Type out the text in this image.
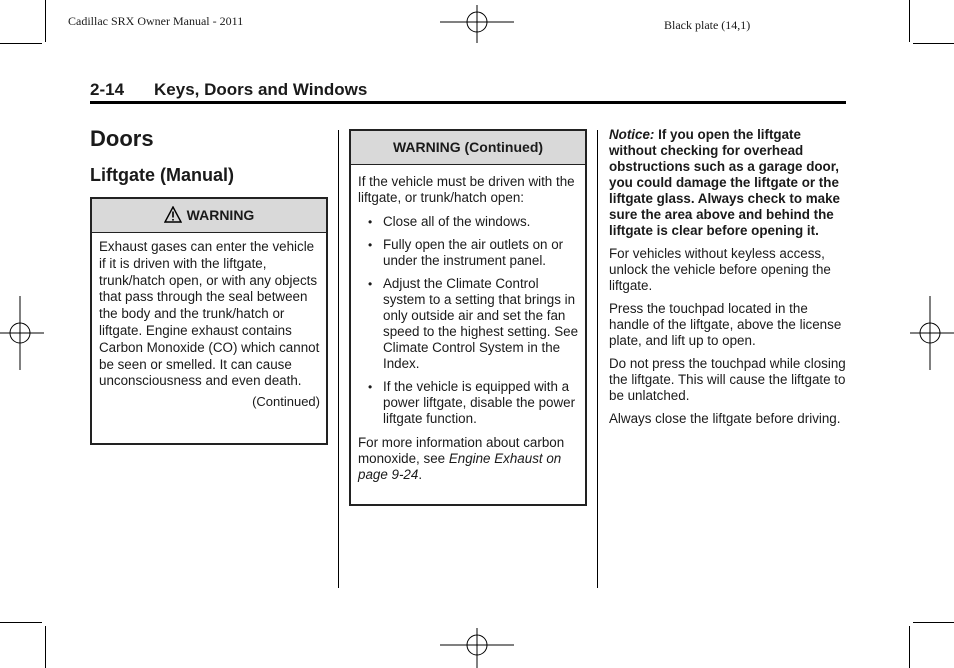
Cadillac SRX Owner Manual - 2011	Black plate (14,1)
2-14 Keys, Doors and Windows
Doors
Liftgate (Manual)
WARNING
Exhaust gases can enter the vehicle if it is driven with the liftgate, trunk/hatch open, or with any objects that pass through the seal between the body and the trunk/hatch or liftgate. Engine exhaust contains Carbon Monoxide (CO) which cannot be seen or smelled. It can cause unconsciousness and even death.
(Continued)
WARNING (Continued)
If the vehicle must be driven with the liftgate, or trunk/hatch open:
• Close all of the windows.
• Fully open the air outlets on or under the instrument panel.
• Adjust the Climate Control system to a setting that brings in only outside air and set the fan speed to the highest setting. See Climate Control System in the Index.
• If the vehicle is equipped with a power liftgate, disable the power liftgate function.
For more information about carbon monoxide, see Engine Exhaust on page 9-24.
Notice: If you open the liftgate without checking for overhead obstructions such as a garage door, you could damage the liftgate or the liftgate glass. Always check to make sure the area above and behind the liftgate is clear before opening it.

For vehicles without keyless access, unlock the vehicle before opening the liftgate.

Press the touchpad located in the handle of the liftgate, above the license plate, and lift up to open.

Do not press the touchpad while closing the liftgate. This will cause the liftgate to be unlatched.

Always close the liftgate before driving.
